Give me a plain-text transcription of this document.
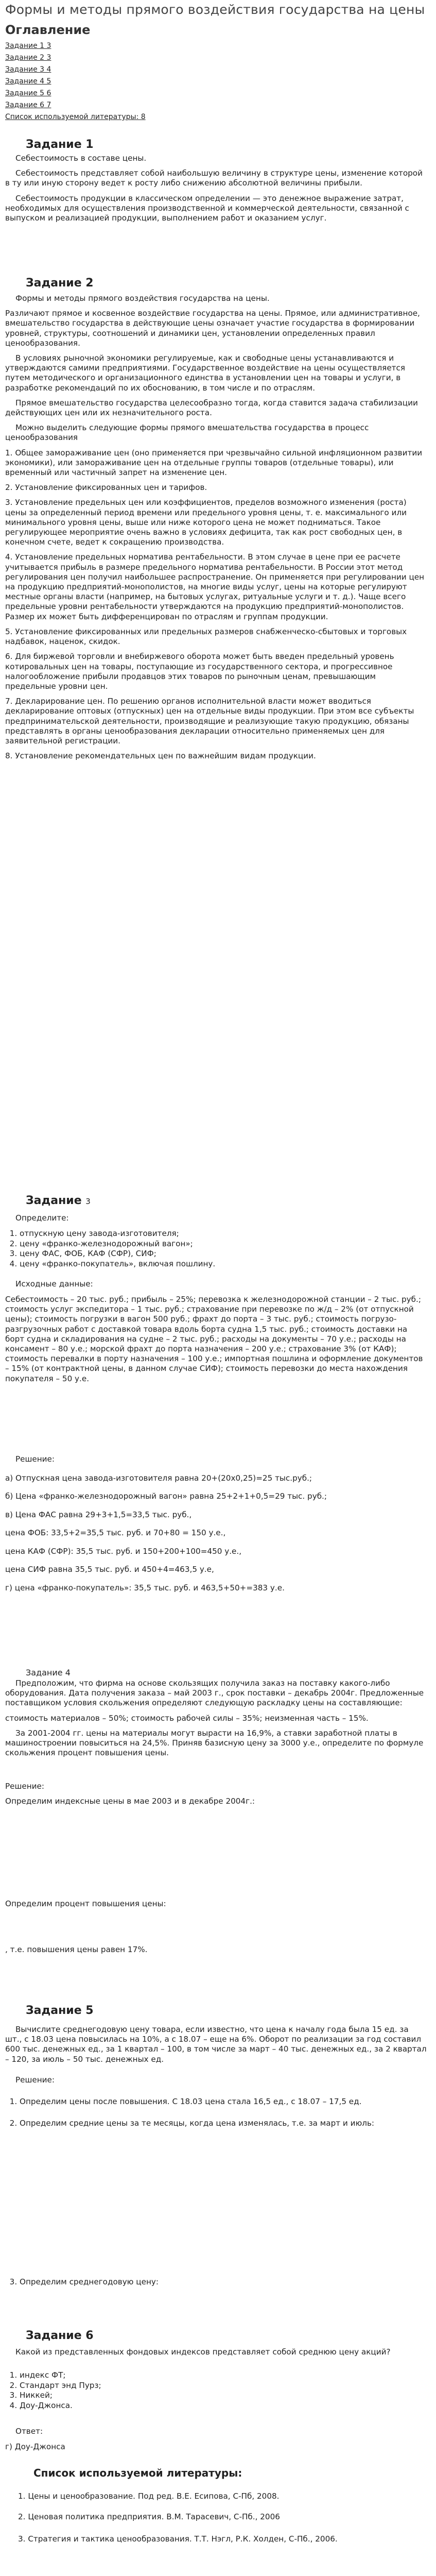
Формы и методы прямого воздействия государства на цены
Оглавление
Задание 1 3
Задание 2 3
Задание 3 4
Задание 4 5
Задание 5 6
Задание 6 7
Список используемой литературы: 8
Задание 1

Себестоимость в составе цены.

Себестоимость представляет собой наибольшую величину в структуре цены, изменение которой в ту или иную сторону ведет к росту либо снижению абсолютной величины прибыли.

Себестоимость продукции в классическом определении — это денежное выражение затрат, необходимых для осуществления производственной и коммерческой деятельности, связанной с выпуском и реализацией продукции, выполнением работ и оказанием услуг.

Задание 2

Формы и методы прямого воздействия государства на цены.

Различают прямое и косвенное воздействие государства на цены. Прямое, или административное, вмешательство государства в действующие цены означает участие государства в формировании уровней, структуры, соотношений и динамики цен, установлении определенных правил ценообразования.

В условиях рыночной экономики регулируемые, как и свободные цены устанавливаются и утверждаются самими предприятиями. Государственное воздействие на цены осуществляется путем методического и организационного единства в установлении цен на товары и услуги, в разработке рекомендаций по их обоснованию, в том числе и по отраслям.

Прямое вмешательство государства целесообразно тогда, когда ставится задача стабилизации действующих цен или их незначительного роста.

Можно выделить следующие формы прямого вмешательства государства в процесс ценообразования

1. Общее замораживание цен (оно применяется при чрезвычайно сильной инфляционном развитии экономики), или замораживание цен на отдельные группы товаров (отдельные товары), или временный или частичный запрет на изменение цен.

2. Установление фиксированных цен и тарифов.

3. Установление предельных цен или коэффициентов, пределов возможного изменения (роста) цены за определенный период времени или предельного уровня цены, т. е. максимального или минимального уровня цены, выше или ниже которого цена не может подниматься. Такое регулирующее мероприятие очень важно в условиях дефицита, так как рост свободных цен, в конечном счете, ведет к сокращению производства.

4. Установление предельных норматива рентабельности. В этом случае в цене при ее расчете учитывается прибыль в размере предельного норматива рентабельности. В России этот метод регулирования цен получил наибольшее распространение. Он применяется при регулировании цен на продукцию предприятий-монополистов, на многие виды услуг, цены на которые регулируют местные органы власти (например, на бытовых услугах, ритуальные услуги и т. д.). Чаще всего предельные уровни рентабельности утверждаются на продукцию предприятий-монополистов. Размер их может быть дифференцирован по отраслям и группам продукции.

5. Установление фиксированных или предельных размеров снабженческо-сбытовых и торговых надбавок, наценок, скидок.

6. Для биржевой торговли и внебиржевого оборота может быть введен предельный уровень котировальных цен на товары, поступающие из государственного сектора, и прогрессивное налогообложение прибыли продавцов этих товаров по рыночным ценам, превышающим предельные уровни цен.

7. Декларирование цен. По решению органов исполнительной власти может вводиться декларирование оптовых (отпускных) цен на отдельные виды продукции. При этом все субъекты предпринимательской деятельности, производящие и реализующие такую продукцию, обязаны представлять в органы ценообразования декларации относительно применяемых цен для заявительной регистрации.

8. Установление рекомендательных цен по важнейшим видам продукции.

Задание 3
Определите:
1. отпускную цену завода-изготовителя;
2. цену «франко-железнодорожный вагон»;
3. цену ФАС, ФОБ, КАФ (СФР), СИФ;
4. цену «франко-покупатель», включая пошлину.
Исходные данные:

Себестоимость – 20 тыс. руб.; прибыль – 25%; перевозка к железнодорожной станции – 2 тыс. руб.; стоимость услуг экспедитора – 1 тыс. руб.; страхование при перевозке по ж/д – 2% (от отпускной цены); стоимость погрузки в вагон 500 руб.; фрахт до порта – 3 тыс. руб.; стоимость погрузо-разгрузочных работ с доставкой товара вдоль борта судна 1,5 тыс. руб.; стоимость доставки на борт судна и складирования на судне – 2 тыс. руб.; расходы на документы – 70 у.е.; расходы на консамент – 80 у.е.; морской фрахт до порта назначения – 200 у.е.; страхование 3% (от КАФ); стоимость перевалки в порту назначения – 100 у.е.; импортная пошлина и оформление документов – 15% (от контрактной цены, в данном случае СИФ); стоимость перевозки до места нахождения покупателя – 50 у.е.

Решение:
а) Отпускная цена завода-изготовителя равна 20+(20х0,25)=25 тыс.руб.;
б) Цена «франко-железнодорожный вагон» равна 25+2+1+0,5=29 тыс. руб.;
в) Цена ФАС равна 29+3+1,5=33,5 тыс. руб.,
цена ФОБ: 33,5+2=35,5 тыс. руб. и 70+80 = 150 у.е.,
цена КАФ (СФР): 35,5 тыс. руб. и 150+200+100=450 у.е.,
цена СИФ равна 35,5 тыс. руб. и 450+4=463,5 у.е,
г) цена «франко-покупатель»: 35,5 тыс. руб. и 463,5+50+=383 у.е.
Задание 4

Предположим, что фирма на основе скользящих получила заказ на поставку какого-либо оборудования. Дата получения заказа – май 2003 г., срок поставки – декабрь 2004г. Предложенные поставщиком условия скольжения определяют следующую раскладку цены на составляющие:

стоимость материалов – 50%; стоимость рабочей силы – 35%; неизменная часть – 15%.

За 2001-2004 гг. цены на материалы могут вырасти на 16,9%, а ставки заработной платы в машиностроении повыситься на 24,5%. Приняв базисную цену за 3000 у.е., определите по формуле скольжения процент повышения цены.

Решение:
Определим индексные цены в мае 2003 и в декабре 2004г.:
Определим процент повышения цены:
, т.е. повышения цены равен 17%.
Задание 5

Вычислите среднегодовую цену товара, если известно, что цена к началу года была 15 ед. за шт., с 18.03 цена повысилась на 10%, а с 18.07 – еще на 6%. Оборот по реализации за год составил 600 тыс. денежных ед., за 1 квартал – 100, в том числе за март – 40 тыс. денежных ед., за 2 квартал – 120, за июль – 50 тыс. денежных ед.

Решение:
1. Определим цены после повышения. С 18.03 цена стала 16,5 ед., с 18.07 – 17,5 ед.
2. Определим средние цены за те месяцы, когда цена изменялась, т.е. за март и июль:
3. Определим среднегодовую цену:
Задание 6

Какой из представленных фондовых индексов представляет собой среднюю цену акций?

1. индекс ФТ;
2. Стандарт энд Пурз;
3. Никкей;
4. Доу-Джонса.
Ответ:
г) Доу-Джонса
Список используемой литературы:
1. Цены и ценообразование. Под ред. В.Е. Есипова, С-Пб, 2008.
2. Ценовая политика предприятия. В.М. Тарасевич, С-Пб., 2006
3. Стратегия и тактика ценообразования. Т.Т. Нэгл, Р.К. Холден, С-Пб., 2006.
